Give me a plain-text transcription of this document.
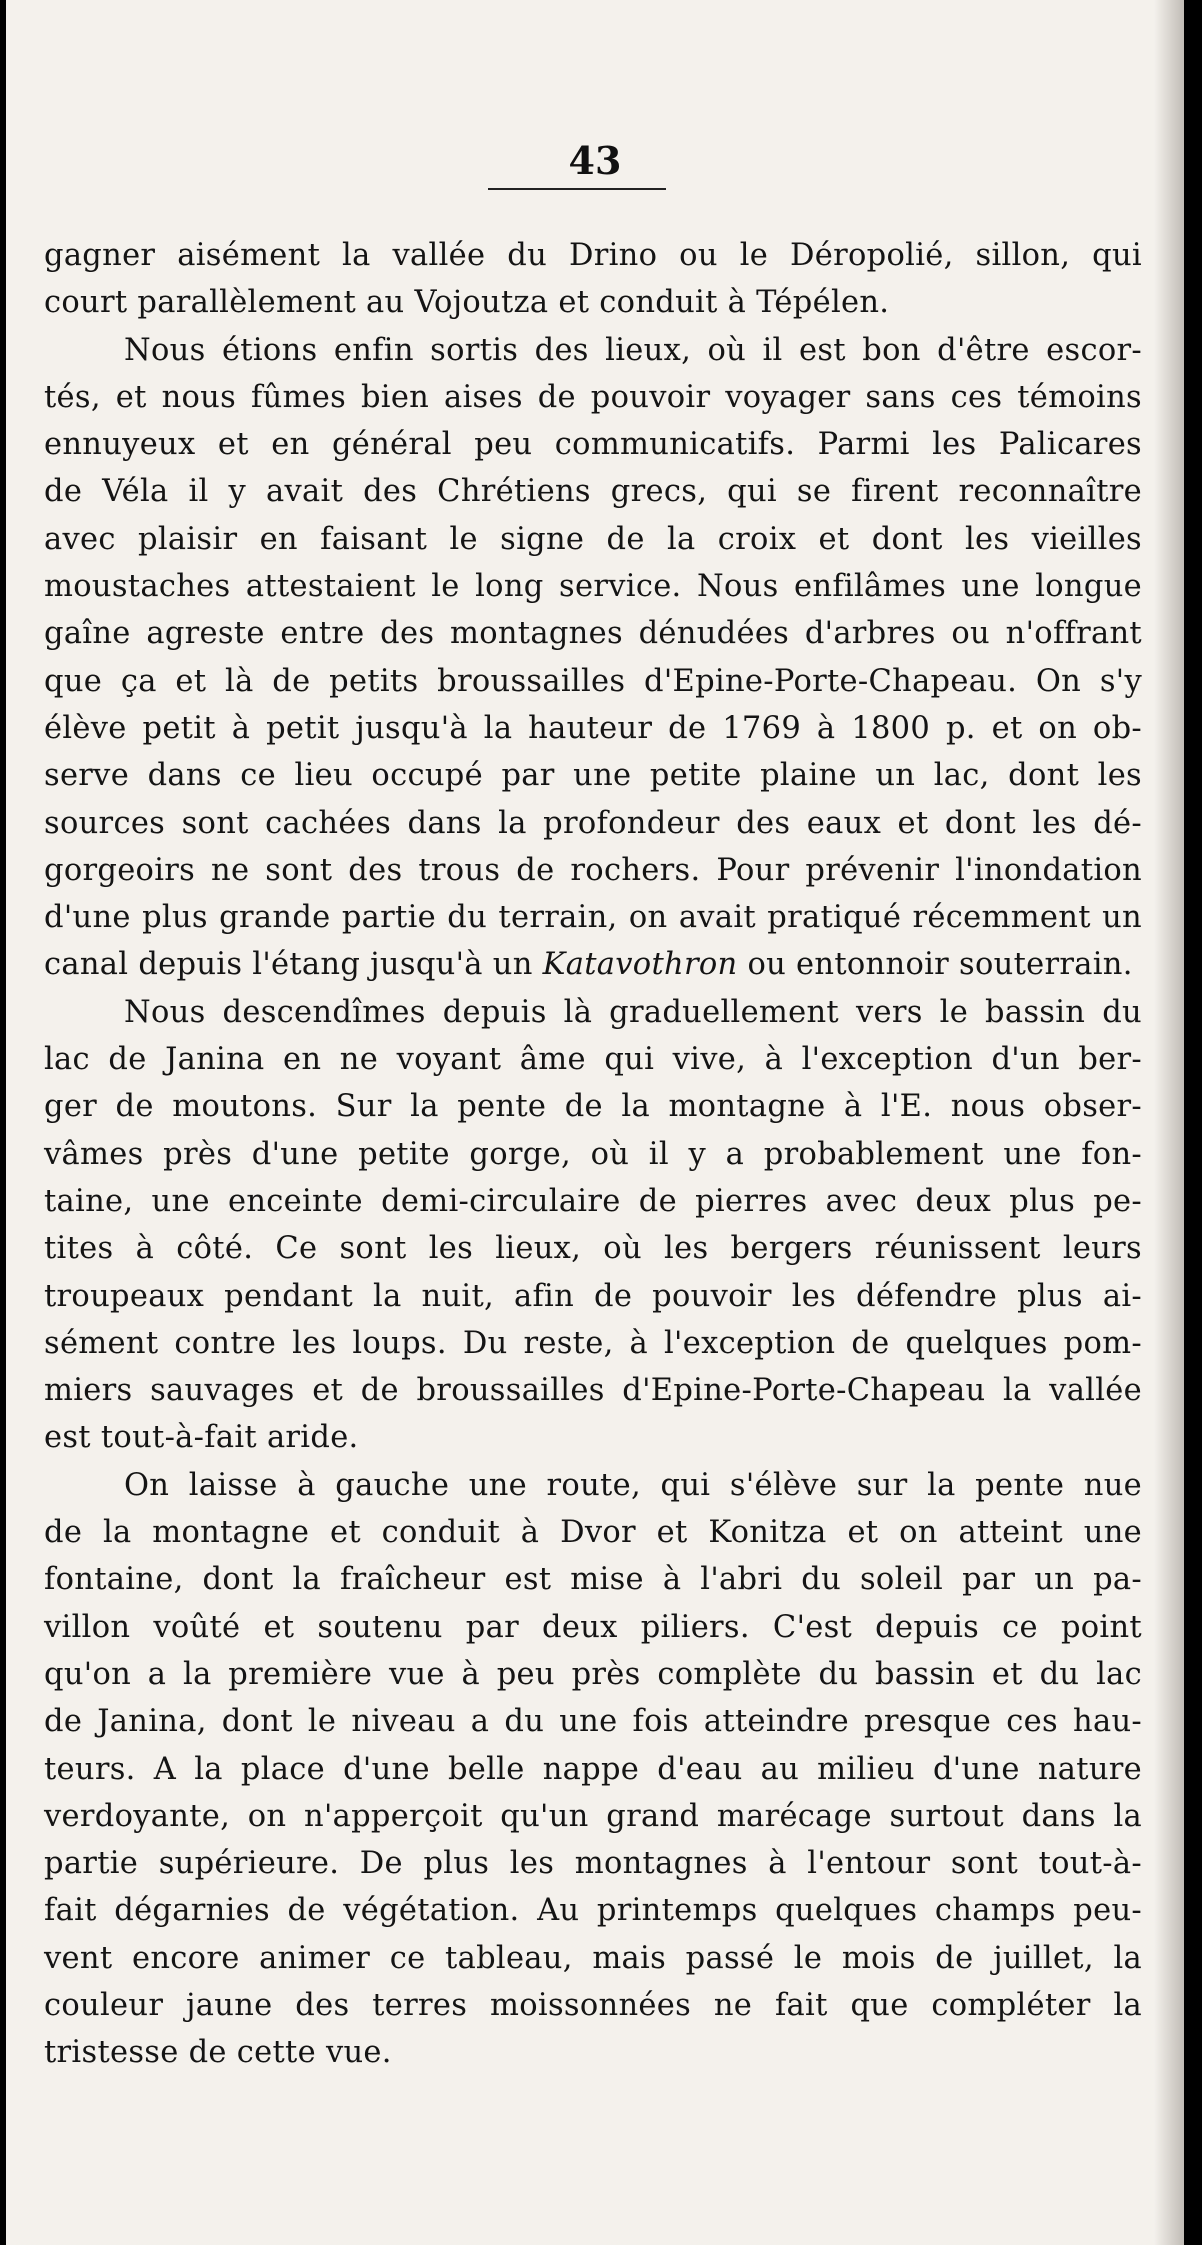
43
gagner aisément la vallée du Drino ou le Déropolié, sillon, qui
court parallèlement au Vojoutza et conduit à Tépélen.
Nous étions enfin sortis des lieux, où il est bon d'être escor-
tés, et nous fûmes bien aises de pouvoir voyager sans ces témoins
ennuyeux et en général peu communicatifs. Parmi les Palicares
de Véla il y avait des Chrétiens grecs, qui se firent reconnaître
avec plaisir en faisant le signe de la croix et dont les vieilles
moustaches attestaient le long service. Nous enfilâmes une longue
gaîne agreste entre des montagnes dénudées d'arbres ou n'offrant
que ça et là de petits broussailles d'Epine-Porte-Chapeau. On s'y
élève petit à petit jusqu'à la hauteur de 1769 à 1800 p. et on ob-
serve dans ce lieu occupé par une petite plaine un lac, dont les
sources sont cachées dans la profondeur des eaux et dont les dé-
gorgeoirs ne sont des trous de rochers. Pour prévenir l'inondation
d'une plus grande partie du terrain, on avait pratiqué récemment un
canal depuis l'étang jusqu'à un Katavothron ou entonnoir souterrain.
Nous descendîmes depuis là graduellement vers le bassin du
lac de Janina en ne voyant âme qui vive, à l'exception d'un ber-
ger de moutons. Sur la pente de la montagne à l'E. nous obser-
vâmes près d'une petite gorge, où il y a probablement une fon-
taine, une enceinte demi-circulaire de pierres avec deux plus pe-
tites à côté. Ce sont les lieux, où les bergers réunissent leurs
troupeaux pendant la nuit, afin de pouvoir les défendre plus ai-
sément contre les loups. Du reste, à l'exception de quelques pom-
miers sauvages et de broussailles d'Epine-Porte-Chapeau la vallée
est tout-à-fait aride.
On laisse à gauche une route, qui s'élève sur la pente nue
de la montagne et conduit à Dvor et Konitza et on atteint une
fontaine, dont la fraîcheur est mise à l'abri du soleil par un pa-
villon voûté et soutenu par deux piliers. C'est depuis ce point
qu'on a la première vue à peu près complète du bassin et du lac
de Janina, dont le niveau a du une fois atteindre presque ces hau-
teurs. A la place d'une belle nappe d'eau au milieu d'une nature
verdoyante, on n'apperçoit qu'un grand marécage surtout dans la
partie supérieure. De plus les montagnes à l'entour sont tout-à-
fait dégarnies de végétation. Au printemps quelques champs peu-
vent encore animer ce tableau, mais passé le mois de juillet, la
couleur jaune des terres moissonnées ne fait que compléter la
tristesse de cette vue.
